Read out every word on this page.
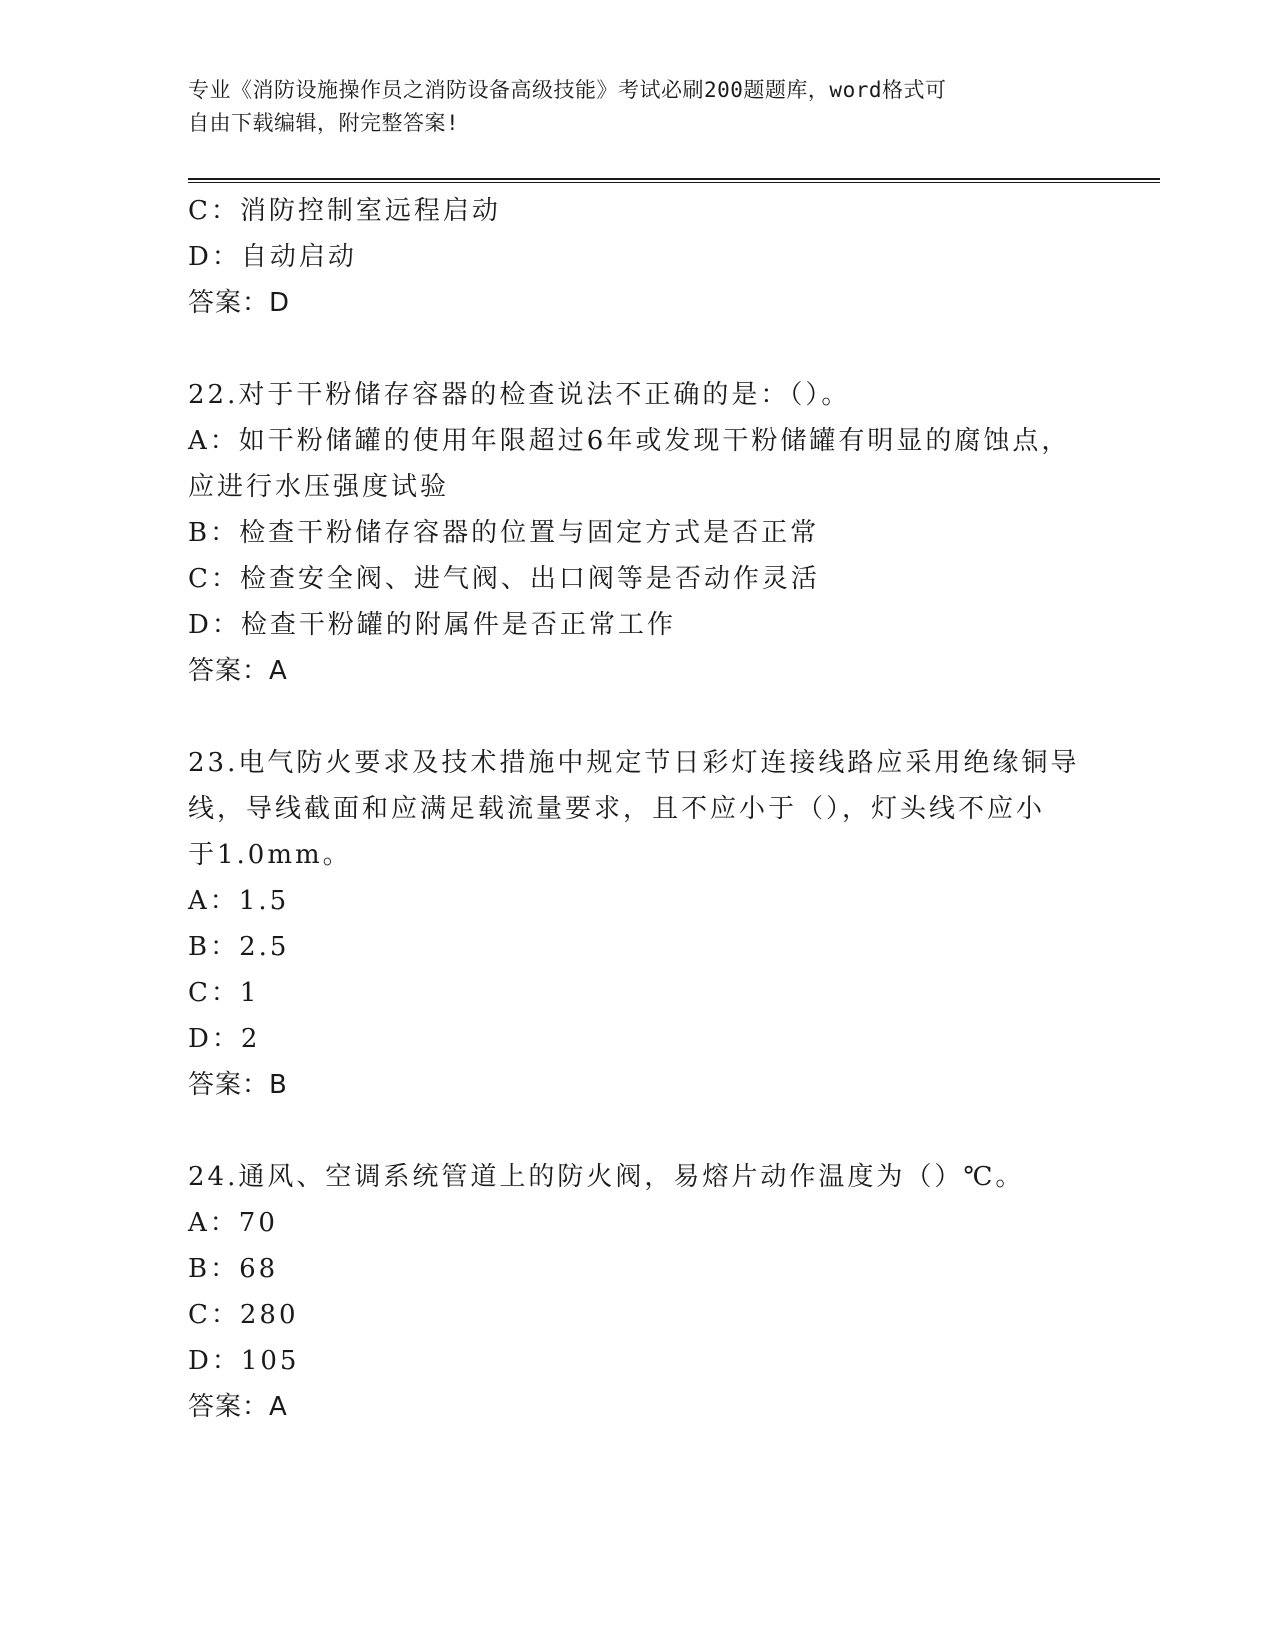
专业《消防设施操作员之消防设备高级技能》考试必刷200题题库，word格式可
自由下载编辑，附完整答案!
C：消防控制室远程启动
D：自动启动
答案：D
22.对于干粉储存容器的检查说法不正确的是：（）。
A：如干粉储罐的使用年限超过6年或发现干粉储罐有明显的腐蚀点，
应进行水压强度试验
B：检查干粉储存容器的位置与固定方式是否正常
C：检查安全阀、进气阀、出口阀等是否动作灵活
D：检查干粉罐的附属件是否正常工作
答案：A
23.电气防火要求及技术措施中规定节日彩灯连接线路应采用绝缘铜导
线，导线截面和应满足载流量要求，且不应小于（），灯头线不应小
于1.0mm。
A：1.5
B：2.5
C：1
D：2
答案：B
24.通风、空调系统管道上的防火阀，易熔片动作温度为（）℃。
A：70
B：68
C：280
D：105
答案：A
